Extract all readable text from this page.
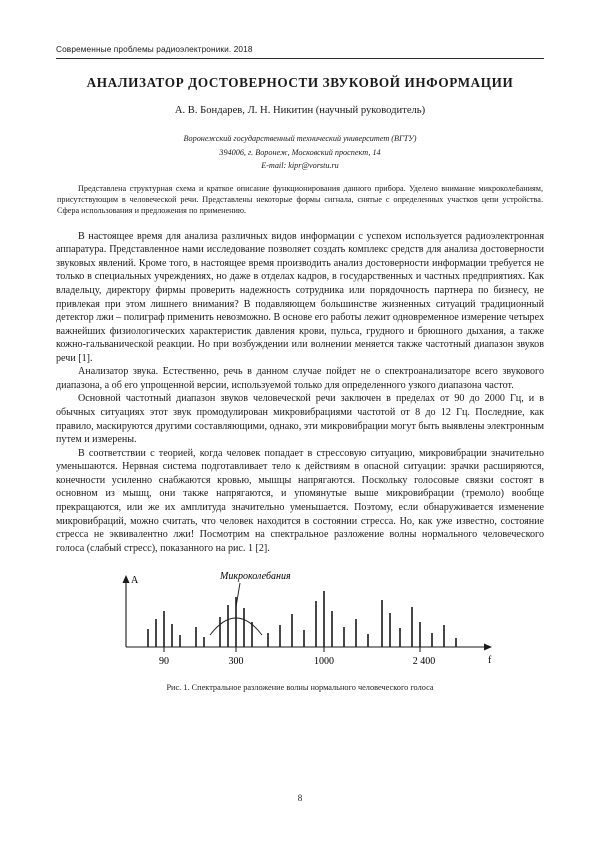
Современные проблемы радиоэлектроники. 2018
АНАЛИЗАТОР ДОСТОВЕРНОСТИ ЗВУКОВОЙ ИНФОРМАЦИИ
А. В. Бондарев, Л. Н. Никитин (научный руководитель)
Воронежский государственный технический университет (ВГТУ)
394006, г. Воронеж, Московский проспект, 14
E-mail: kipr@vorstu.ru
Представлена структурная схема и краткое описание функционирования данного прибора. Уделено внимание микроколебаниям, присутствующим в человеческой речи. Представлены некоторые формы сигнала, снятые с определенных участков цепи устройства. Сфера использования и предложения по применению.

В настоящее время для анализа различных видов информации с успехом используется радиоэлектронная аппаратура. Представленное нами исследование позволяет создать комплекс средств для анализа достоверности звуковых явлений. Кроме того, в настоящее время производить анализ достоверности информации требуется не только в специальных учреждениях, но даже в отделах кадров, в государственных и частных предприятиях. Как владельцу, директору фирмы проверить надежность сотрудника или порядочность партнера по бизнесу, не привлекая при этом лишнего внимания? В подавляющем большинстве жизненных ситуаций традиционный детектор лжи – полиграф применить невозможно. В основе его работы лежит одновременное измерение четырех важнейших физиологических характеристик давления крови, пульса, грудного и брюшного дыхания, а также кожно-гальванической реакции. Но при возбуждении или волнении меняется также частотный диапазон звуков речи [1].

Анализатор звука. Естественно, речь в данном случае пойдет не о спектроанализаторе всего звукового диапазона, а об его упрощенной версии, используемой только для определенного узкого диапазона частот.

Основной частотный диапазон звуков человеческой речи заключен в пределах от 90 до 2000 Гц, и в обычных ситуациях этот звук промодулирован микровибрациями частотой от 8 до 12 Гц. Последние, как правило, маскируются другими составляющими, однако, эти микровибрации могут быть выявлены электронным путем и измерены.

В соответствии с теорией, когда человек попадает в стрессовую ситуацию, микровибрации значительно уменьшаются. Нервная система подготавливает тело к действиям в опасной ситуации: зрачки расширяются, конечности усиленно снабжаются кровью, мышцы напрягаются. Поскольку голосовые связки состоят в основном из мышц, они также напрягаются, и упомянутые выше микровибрации (тремоло) вообще прекращаются, или же их амплитуда значительно уменьшается. Поэтому, если обнаруживается изменение микровибраций, можно считать, что человек находится в состоянии стресса. Но, как уже известно, состояние стресса не эквивалентно лжи! Посмотрим на спектральное разложение волны нормального человеческого голоса (слабый стресс), показанного на рис. 1 [2].

Микроколебания
A
f
90	300	1000	2 400
Рис. 1. Спектральное разложение волны нормального человеческого голоса
8
